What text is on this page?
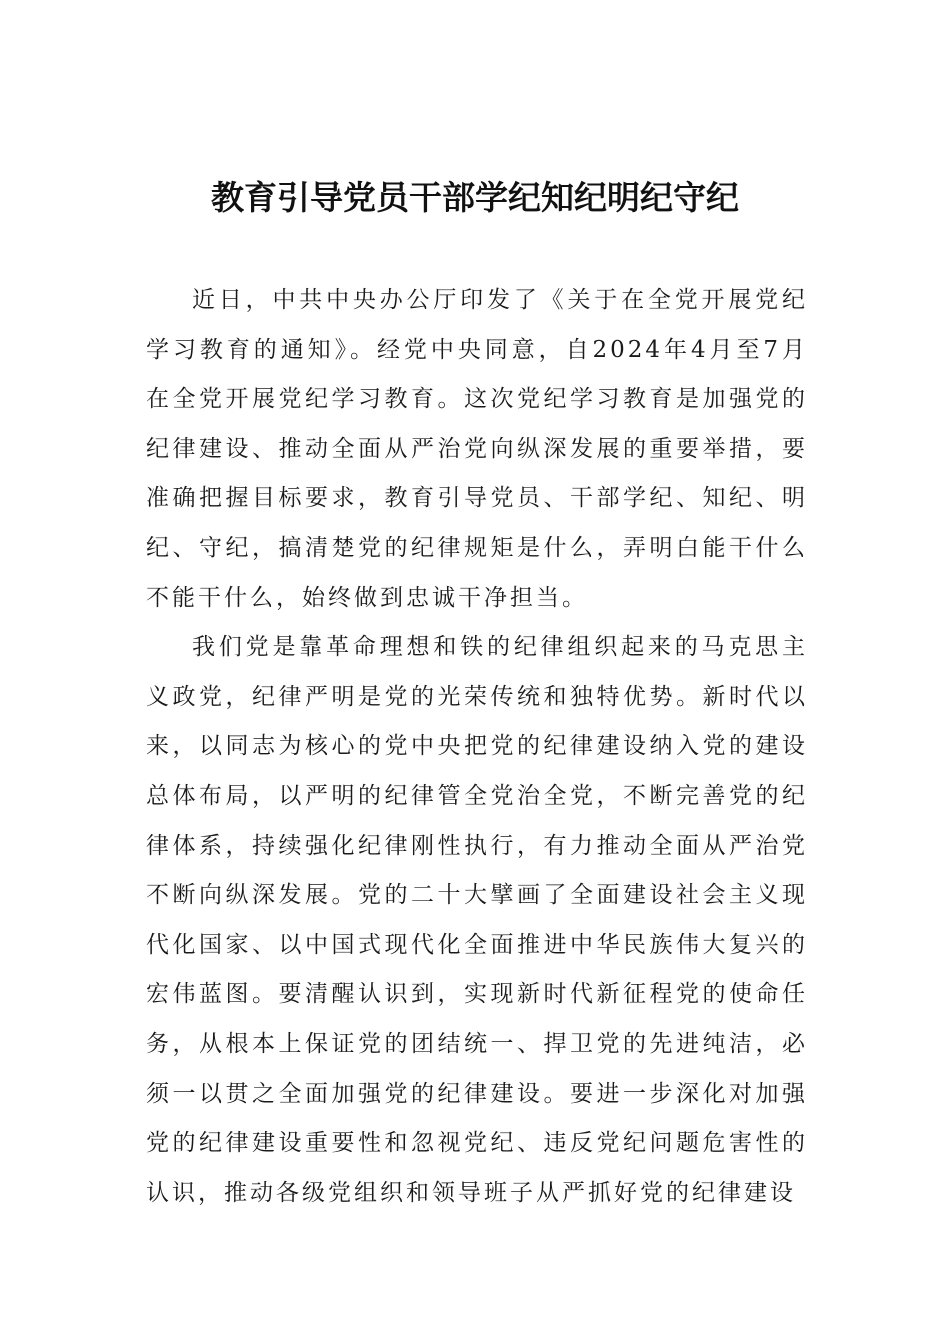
教育引导党员干部学纪知纪明纪守纪

近日，中共中央办公厅印发了《关于在全党开展党纪学习教育的通知》。经党中央同意，自2024年4月至7月在全党开展党纪学习教育。这次党纪学习教育是加强党的纪律建设、推动全面从严治党向纵深发展的重要举措，要准确把握目标要求，教育引导党员、干部学纪、知纪、明纪、守纪，搞清楚党的纪律规矩是什么，弄明白能干什么不能干什么，始终做到忠诚干净担当。

我们党是靠革命理想和铁的纪律组织起来的马克思主义政党，纪律严明是党的光荣传统和独特优势。新时代以来，以同志为核心的党中央把党的纪律建设纳入党的建设总体布局，以严明的纪律管全党治全党，不断完善党的纪律体系，持续强化纪律刚性执行，有力推动全面从严治党不断向纵深发展。党的二十大擘画了全面建设社会主义现代化国家、以中国式现代化全面推进中华民族伟大复兴的宏伟蓝图。要清醒认识到，实现新时代新征程党的使命任务，从根本上保证党的团结统一、捍卫党的先进纯洁，必须一以贯之全面加强党的纪律建设。要进一步深化对加强党的纪律建设重要性和忽视党纪、违反党纪问题危害性的认识，推动各级党组织和领导班子从严抓好党的纪律建设
